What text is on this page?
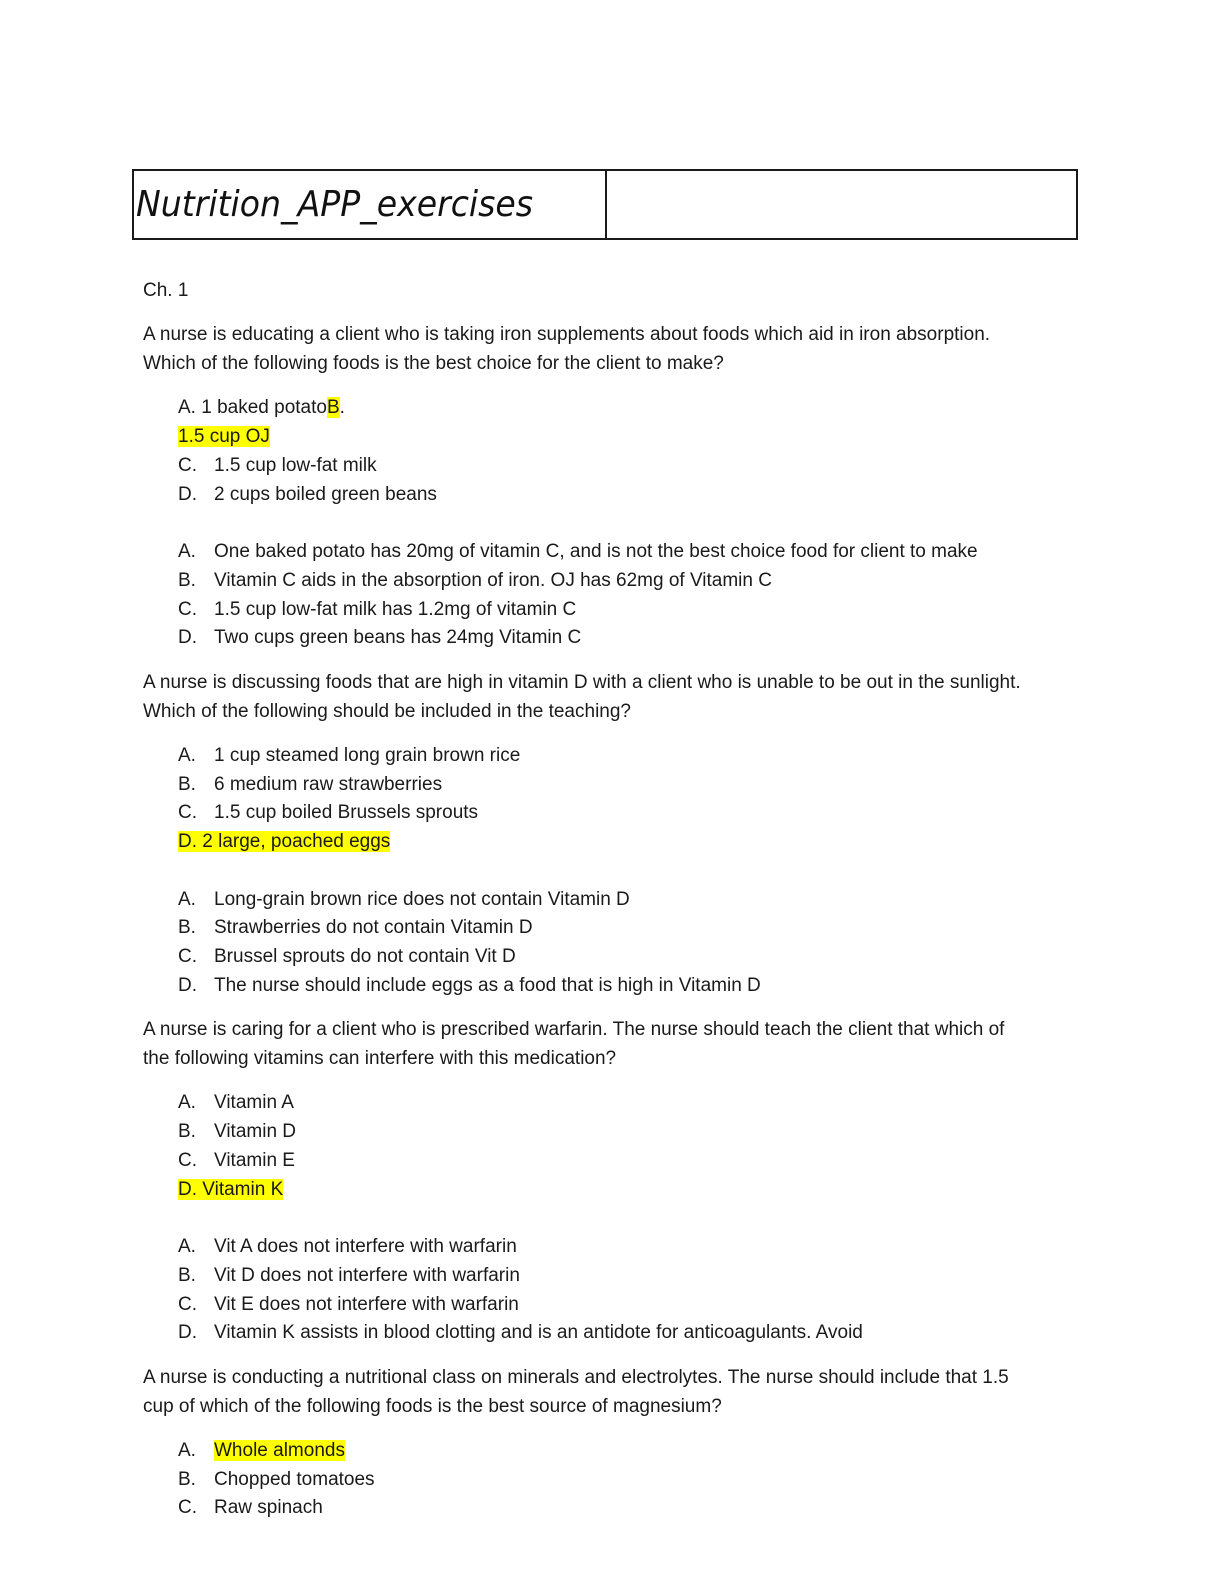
Nutrition_APP_exercises

Ch. 1

A nurse is educating a client who is taking iron supplements about foods which aid in iron absorption.

Which of the following foods is the best choice for the client to make?

A. 1 baked potatoB.

1.5 cup OJ

C. 1.5 cup low-fat milk

D. 2 cups boiled green beans

A. One baked potato has 20mg of vitamin C, and is not the best choice food for client to make

B. Vitamin C aids in the absorption of iron. OJ has 62mg of Vitamin C

C. 1.5 cup low-fat milk has 1.2mg of vitamin C

D. Two cups green beans has 24mg Vitamin C

A nurse is discussing foods that are high in vitamin D with a client who is unable to be out in the sunlight.

Which of the following should be included in the teaching?

A. 1 cup steamed long grain brown rice

B. 6 medium raw strawberries

C. 1.5 cup boiled Brussels sprouts

D. 2 large, poached eggs

A. Long-grain brown rice does not contain Vitamin D

B. Strawberries do not contain Vitamin D

C. Brussel sprouts do not contain Vit D

D. The nurse should include eggs as a food that is high in Vitamin D

A nurse is caring for a client who is prescribed warfarin. The nurse should teach the client that which of

the following vitamins can interfere with this medication?

A. Vitamin A

B. Vitamin D

C. Vitamin E

D. Vitamin K

A. Vit A does not interfere with warfarin

B. Vit D does not interfere with warfarin

C. Vit E does not interfere with warfarin

D. Vitamin K assists in blood clotting and is an antidote for anticoagulants. Avoid

A nurse is conducting a nutritional class on minerals and electrolytes. The nurse should include that 1.5

cup of which of the following foods is the best source of magnesium?

A. Whole almonds

B. Chopped tomatoes

C. Raw spinach
